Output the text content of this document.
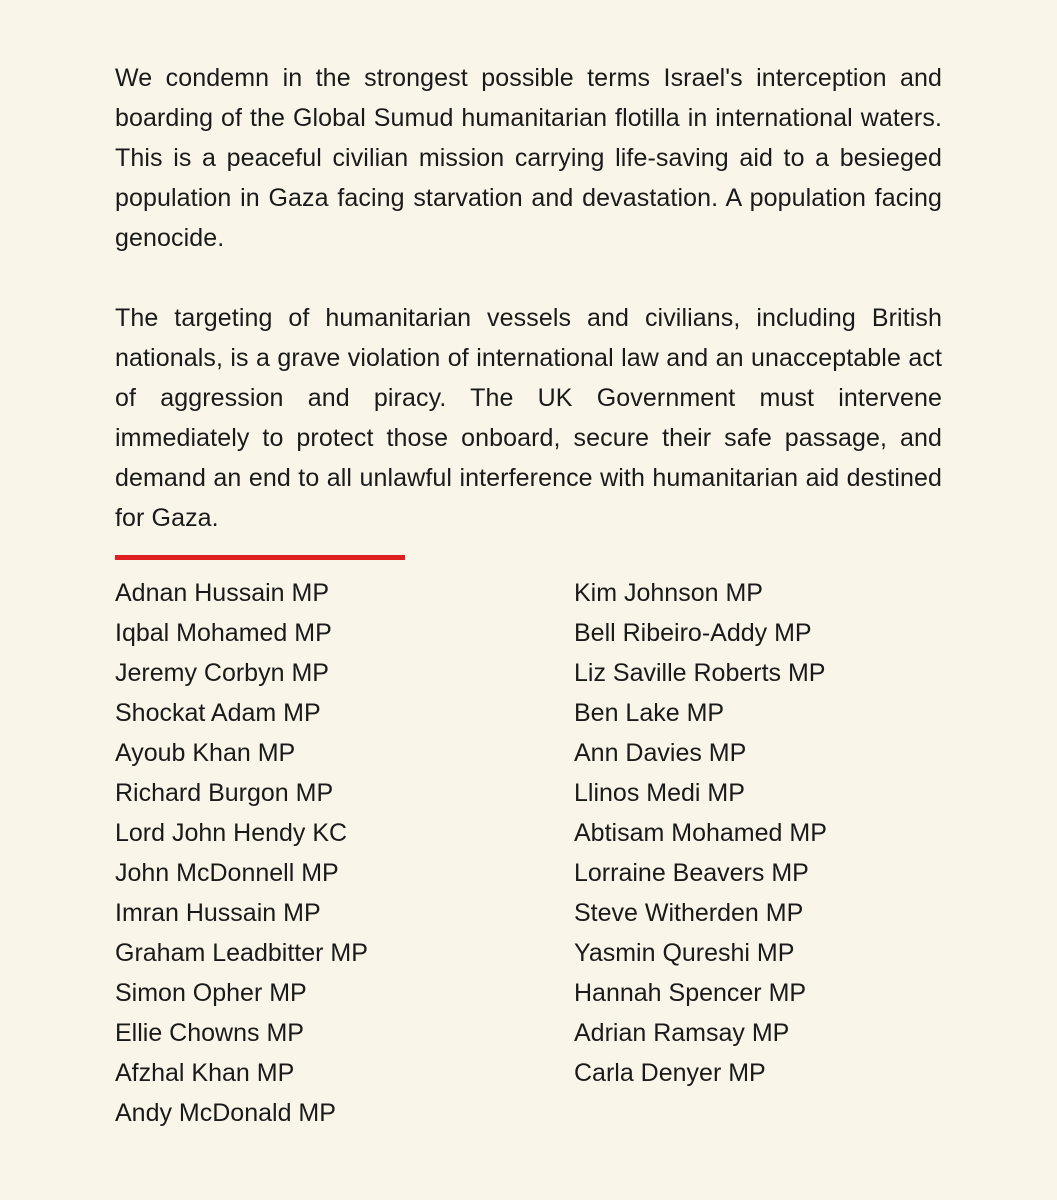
We condemn in the strongest possible terms Israel's interception and boarding of the Global Sumud humanitarian flotilla in international waters. This is a peaceful civilian mission carrying life-saving aid to a besieged population in Gaza facing starvation and devastation. A population facing genocide.

The targeting of humanitarian vessels and civilians, including British nationals, is a grave violation of international law and an unacceptable act of aggression and piracy. The UK Government must intervene immediately to protect those onboard, secure their safe passage, and demand an end to all unlawful interference with humanitarian aid destined for Gaza.

Adnan Hussain MP
Iqbal Mohamed MP
Jeremy Corbyn MP
Shockat Adam MP
Ayoub Khan MP
Richard Burgon MP
Lord John Hendy KC
John McDonnell MP
Imran Hussain MP
Graham Leadbitter MP
Simon Opher MP
Ellie Chowns MP
Afzhal Khan MP
Andy McDonald MP
Kim Johnson MP
Bell Ribeiro-Addy MP
Liz Saville Roberts MP
Ben Lake MP
Ann Davies MP
Llinos Medi MP
Abtisam Mohamed MP
Lorraine Beavers MP
Steve Witherden MP
Yasmin Qureshi MP
Hannah Spencer MP
Adrian Ramsay MP
Carla Denyer MP
